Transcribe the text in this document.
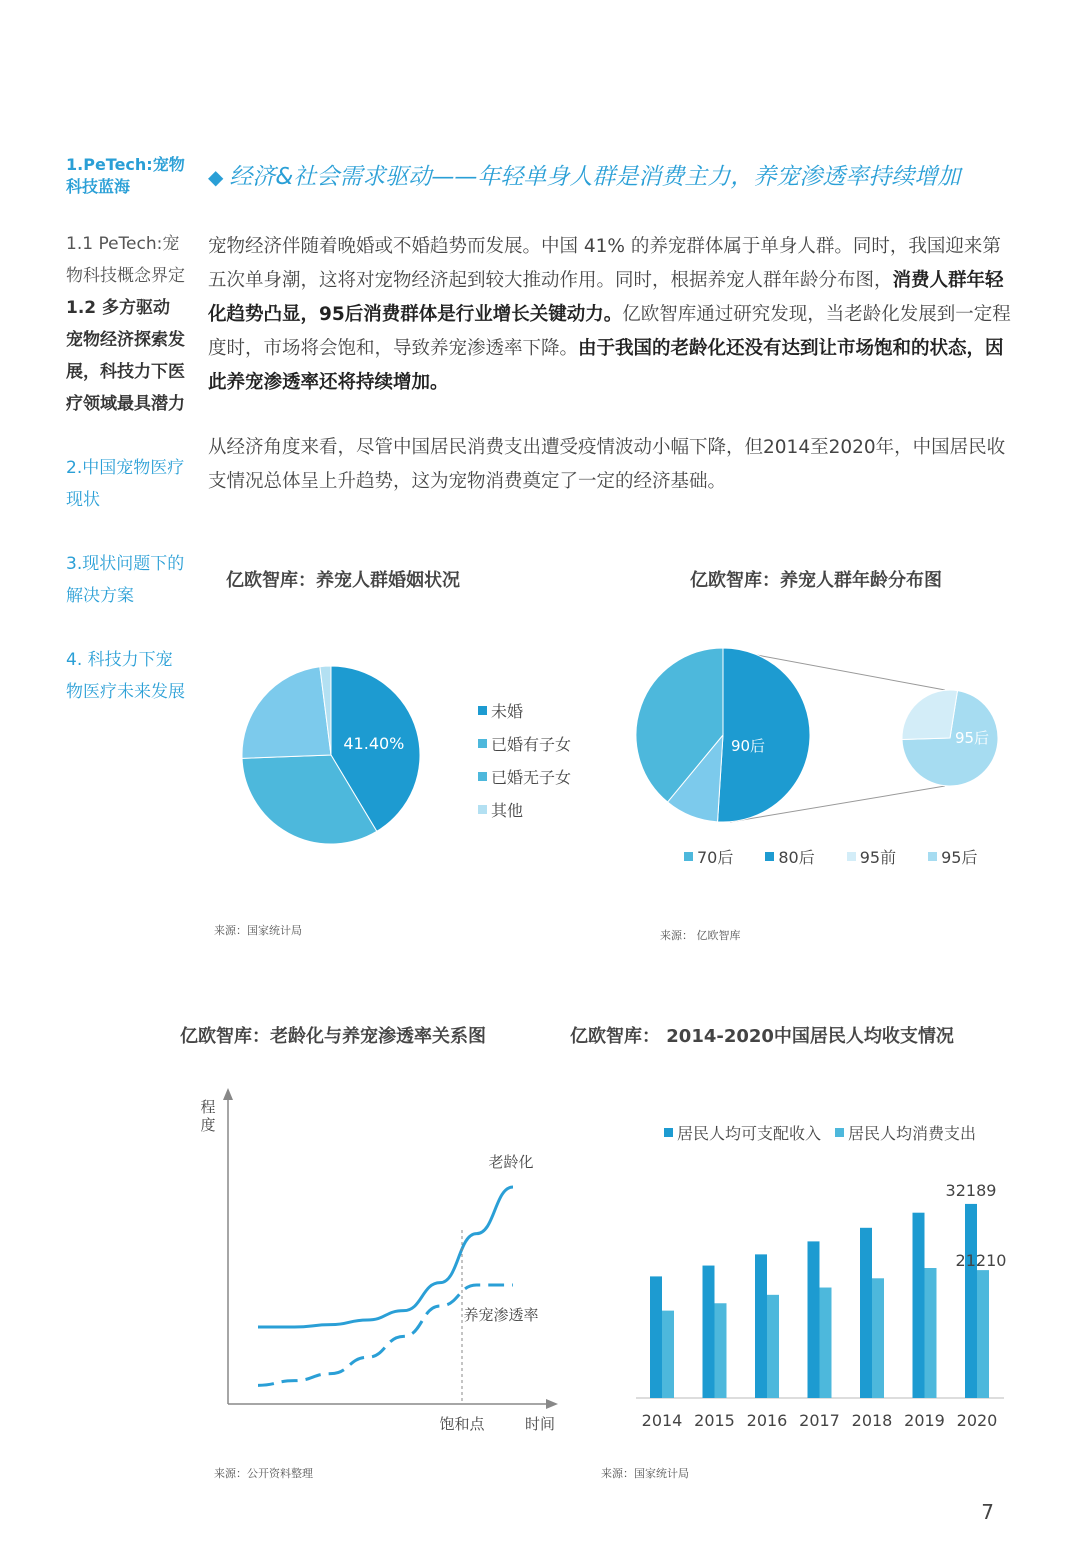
1.PeTech:宠物科技蓝海
1.1 PeTech:宠物科技概念界定
1.2 多方驱动宠物经济探索发展，科技力下医疗领域最具潜力
2.中国宠物医疗现状
3.现状问题下的解决方案
4. 科技力下宠物医疗未来发展
◆ 经济&社会需求驱动——年轻单身人群是消费主力，养宠渗透率持续增加
宠物经济伴随着晚婚或不婚趋势而发展。中国 41% 的养宠群体属于单身人群。同时，我国迎来第五次单身潮，这将对宠物经济起到较大推动作用。同时，根据养宠人群年龄分布图，消费人群年轻化趋势凸显，95后消费群体是行业增长关键动力。亿欧智库通过研究发现，当老龄化发展到一定程度时，市场将会饱和，导致养宠渗透率下降。由于我国的老龄化还没有达到让市场饱和的状态，因此养宠渗透率还将持续增加。
从经济角度来看，尽管中国居民消费支出遭受疫情波动小幅下降，但2014至2020年，中国居民收支情况总体呈上升趋势，这为宠物消费奠定了一定的经济基础。
亿欧智库：养宠人群婚姻状况
41.40%
未婚
已婚有子女
已婚无子女
其他
来源：国家统计局
亿欧智库：养宠人群年龄分布图
90后	95后
70后	80后	95前	95后
来源： 亿欧智库
亿欧智库：老龄化与养宠渗透率关系图
程
度
时间
老龄化
养宠渗透率
饱和点
来源：公开资料整理
亿欧智库： 2014-2020中国居民人均收支情况
居民人均可支配收入 居民人均消费支出
2014 2015 2016 2017 2018 2019 2020
32189
21210
来源：国家统计局
7
